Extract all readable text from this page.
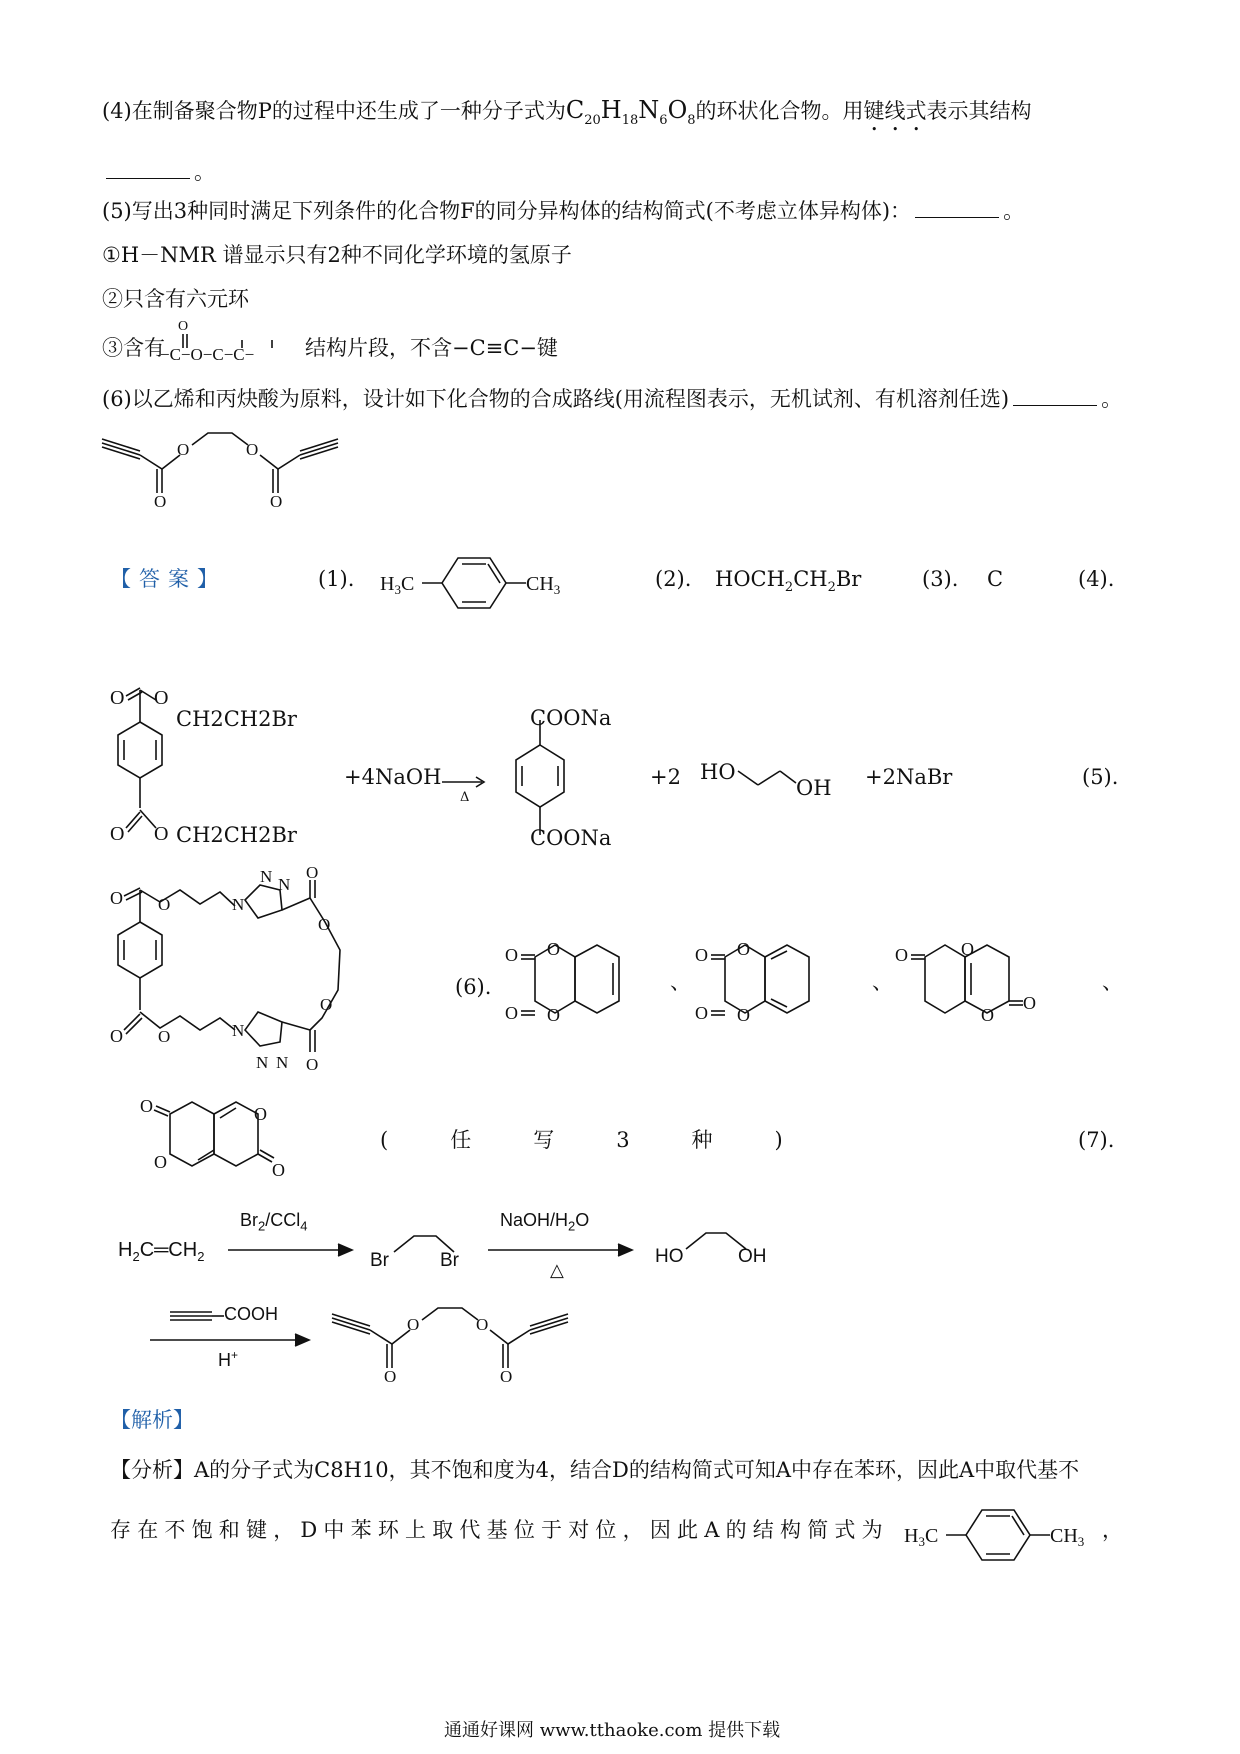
(4)在制备聚合物P的过程中还生成了一种分子式为$C_{20}H_{18}N_6O_8$的环状化合物。用键线式表示其结构
。
(5)写出3种同时满足下列条件的化合物F的同分异构体的结构简式(不考虑立体异构体)：	。
①H－NMR 谱显示只有2种不同化学环境的氢原子
②只含有六元环
③含有
O
−C−O−C−C− 结构片段，不含−C≡C−键
(6)以乙烯和丙炔酸为原料，设计如下化合物的合成路线(用流程图表示，无机试剂、有机溶剂任选)	。
O
O	O
O
【答案】	(1). $H_3C$	$CH_3$	(2). $HOCH_2CH_2Br$	(3). C	(4).
O O
O O
CH2CH2Br
CH2CH2Br
+4NaOH
Δ
COONa
COONa
+2 HO
OH +2NaBr	(5).
O O
O O
N
N N
O
O
O
N
N N O
(6).
O
O
O
O
、
O
O
O
O
、
O	O
O
O
、
O
O
O
O
(任写3种)	(7).
$H_2C═CH_2$
$Br_2/CCl_4$
Br	Br
NaOH/$H_2O$
△
HO	OH
COOH
H+
O
O	O
O
【解析】
【分析】A的分子式为C8H10，其不饱和度为4，结合D的结构简式可知A中存在苯环，因此A中取代基不
存在不饱和键，D中苯环上取代基位于对位，因此A的结构简式为 $H_3C$	$CH_3$ ，
通通好课网 www.tthaoke.com 提供下载
